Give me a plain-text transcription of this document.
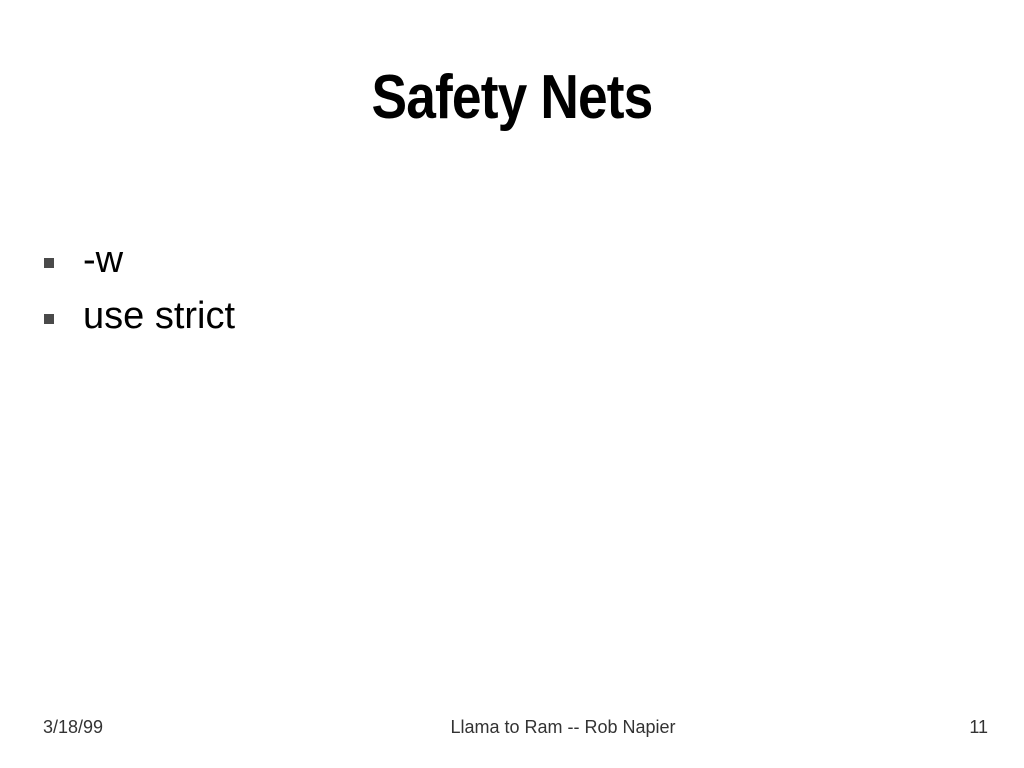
Safety Nets
-w
use strict
3/18/99	Llama to Ram -- Rob Napier	11
